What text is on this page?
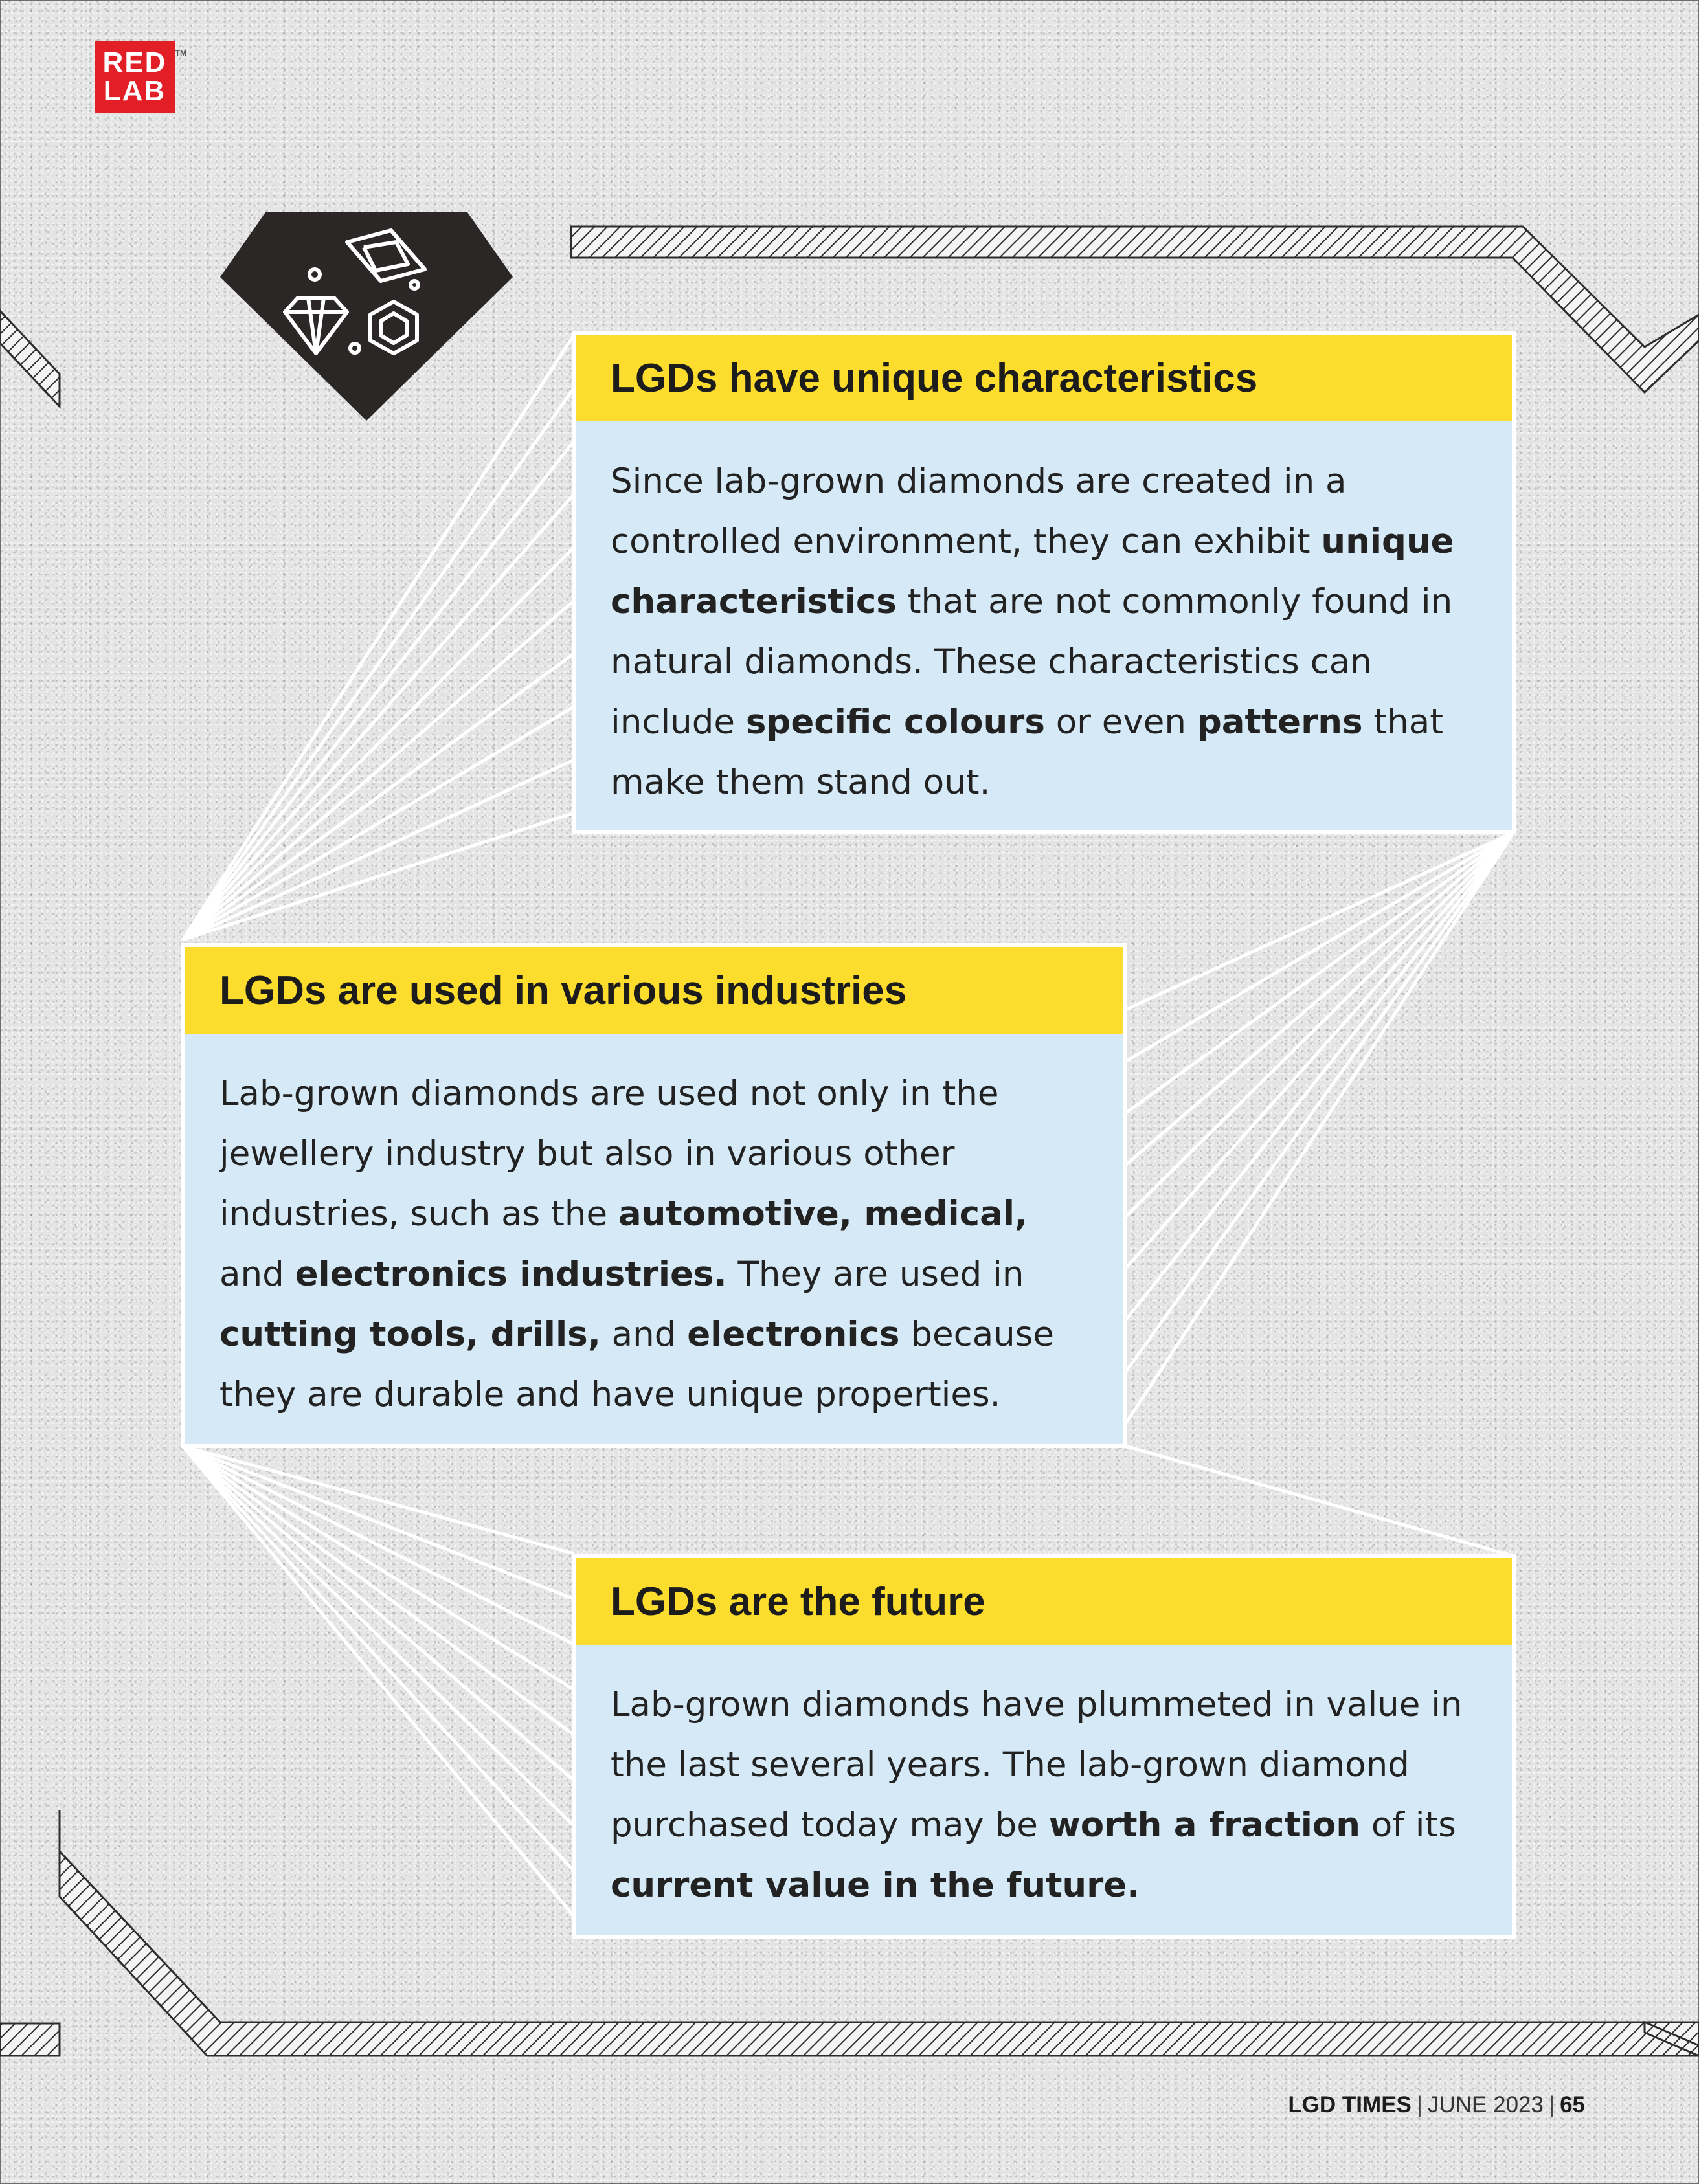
RED
LAB
TM
LGDs have unique characteristics
Since lab-grown diamonds are created in a controlled environment, they can exhibit unique characteristics that are not commonly found in natural diamonds. These characteristics can include specific colours or even patterns that make them stand out.
LGDs are used in various industries
Lab-grown diamonds are used not only in the jewellery industry but also in various other industries, such as the automotive, medical, and electronics industries. They are used in cutting tools, drills, and electronics because they are durable and have unique properties.
LGDs are the future
Lab-grown diamonds have plummeted in value in the last several years. The lab-grown diamond purchased today may be worth a fraction of its current value in the future.
LGD TIMES | JUNE 2023 | 65
